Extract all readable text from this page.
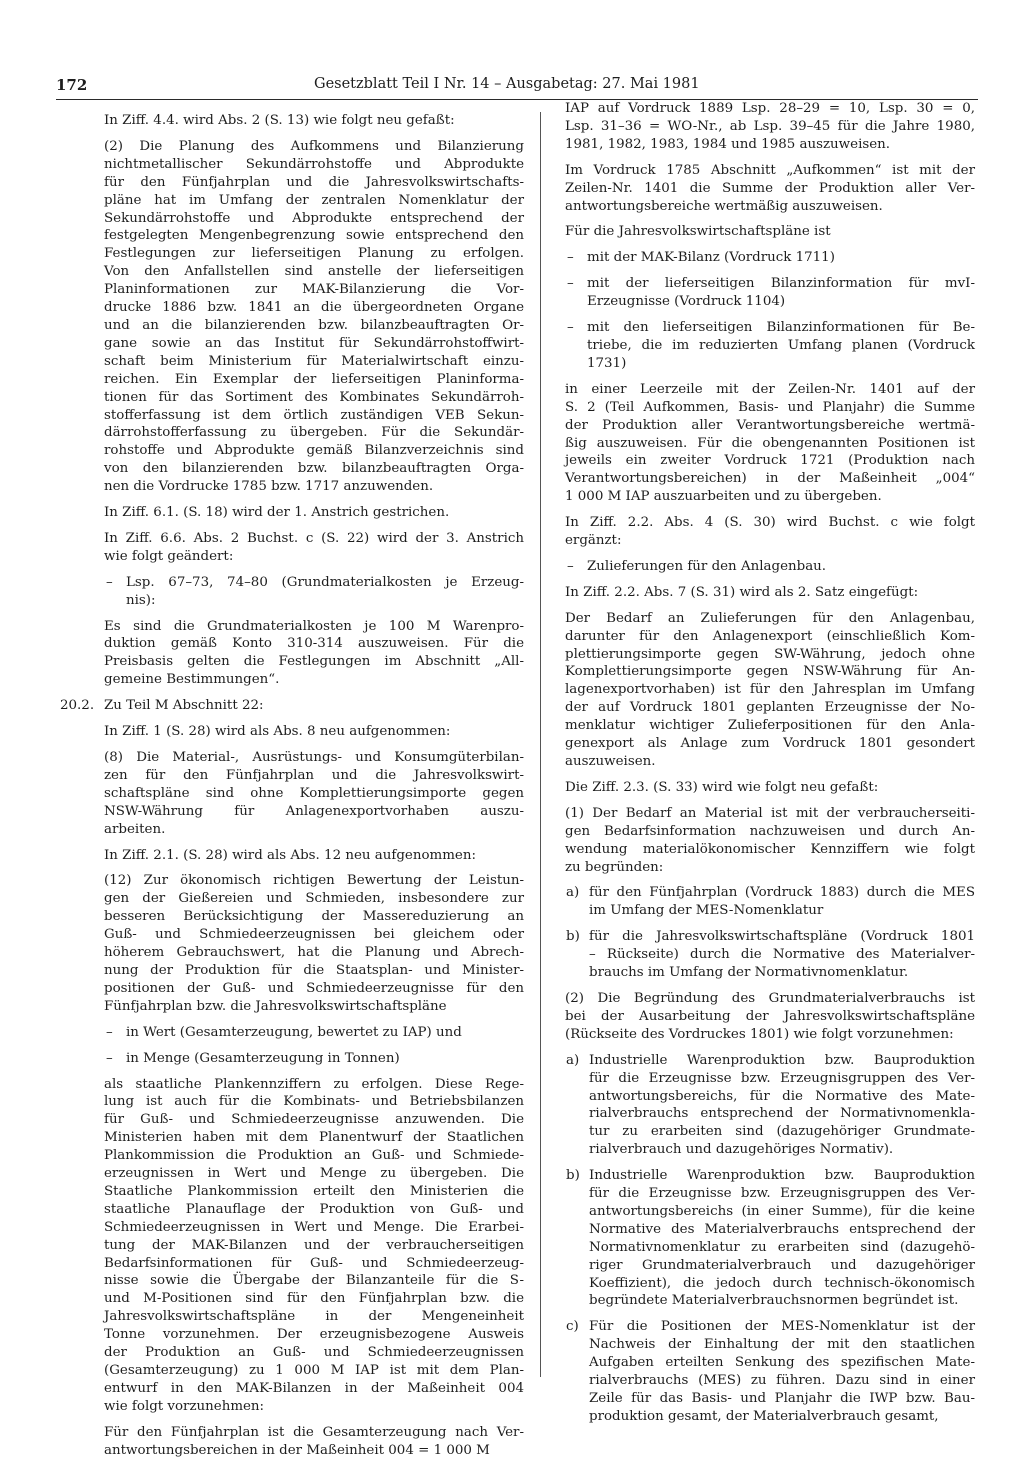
172	Gesetzblatt Teil I Nr. 14 – Ausgabetag: 27. Mai 1981
In Ziff. 4.4. wird Abs. 2 (S. 13) wie folgt neu gefaßt:
(2) Die Planung des Aufkommens und Bilanzierung
nichtmetallischer Sekundärrohstoffe und Abprodukte
für den Fünfjahrplan und die Jahresvolkswirtschafts-
pläne hat im Umfang der zentralen Nomenklatur der
Sekundärrohstoffe und Abprodukte entsprechend der
festgelegten Mengenbegrenzung sowie entsprechend den
Festlegungen zur lieferseitigen Planung zu erfolgen.
Von den Anfallstellen sind anstelle der lieferseitigen
Planinformationen zur MAK-Bilanzierung die Vor-
drucke 1886 bzw. 1841 an die übergeordneten Organe
und an die bilanzierenden bzw. bilanzbeauftragten Or-
gane sowie an das Institut für Sekundärrohstoffwirt-
schaft beim Ministerium für Materialwirtschaft einzu-
reichen. Ein Exemplar der lieferseitigen Planinforma-
tionen für das Sortiment des Kombinates Sekundärroh-
stofferfassung ist dem örtlich zuständigen VEB Sekun-
därrohstofferfassung zu übergeben. Für die Sekundär-
rohstoffe und Abprodukte gemäß Bilanzverzeichnis sind
von den bilanzierenden bzw. bilanzbeauftragten Orga-
nen die Vordrucke 1785 bzw. 1717 anzuwenden.
In Ziff. 6.1. (S. 18) wird der 1. Anstrich gestrichen.
In Ziff. 6.6. Abs. 2 Buchst. c (S. 22) wird der 3. Anstrich
wie folgt geändert:
– Lsp. 67–73, 74–80 (Grundmaterialkosten je Erzeug-
nis):
Es sind die Grundmaterialkosten je 100 M Warenpro-
duktion gemäß Konto 310-314 auszuweisen. Für die
Preisbasis gelten die Festlegungen im Abschnitt „All-
gemeine Bestimmungen“.
20.2. Zu Teil M Abschnitt 22:
In Ziff. 1 (S. 28) wird als Abs. 8 neu aufgenommen:
(8) Die Material-, Ausrüstungs- und Konsumgüterbilan-
zen für den Fünfjahrplan und die Jahresvolkswirt-
schaftspläne sind ohne Komplettierungsimporte gegen
NSW-Währung für Anlagenexportvorhaben auszu-
arbeiten.
In Ziff. 2.1. (S. 28) wird als Abs. 12 neu aufgenommen:
(12) Zur ökonomisch richtigen Bewertung der Leistun-
gen der Gießereien und Schmieden, insbesondere zur
besseren Berücksichtigung der Massereduzierung an
Guß- und Schmiedeerzeugnissen bei gleichem oder
höherem Gebrauchswert, hat die Planung und Abrech-
nung der Produktion für die Staatsplan- und Minister-
positionen der Guß- und Schmiedeerzeugnisse für den
Fünfjahrplan bzw. die Jahresvolkswirtschaftspläne
– in Wert (Gesamterzeugung, bewertet zu IAP) und
– in Menge (Gesamterzeugung in Tonnen)
als staatliche Plankennziffern zu erfolgen. Diese Rege-
lung ist auch für die Kombinats- und Betriebsbilanzen
für Guß- und Schmiedeerzeugnisse anzuwenden. Die
Ministerien haben mit dem Planentwurf der Staatlichen
Plankommission die Produktion an Guß- und Schmiede-
erzeugnissen in Wert und Menge zu übergeben. Die
Staatliche Plankommission erteilt den Ministerien die
staatliche Planauflage der Produktion von Guß- und
Schmiedeerzeugnissen in Wert und Menge. Die Erarbei-
tung der MAK-Bilanzen und der verbraucherseitigen
Bedarfsinformationen für Guß- und Schmiedeerzeug-
nisse sowie die Übergabe der Bilanzanteile für die S-
und M-Positionen sind für den Fünfjahrplan bzw. die
Jahresvolkswirtschaftspläne in der Mengeneinheit
Tonne vorzunehmen. Der erzeugnisbezogene Ausweis
der Produktion an Guß- und Schmiedeerzeugnissen
(Gesamterzeugung) zu 1 000 M IAP ist mit dem Plan-
entwurf in den MAK-Bilanzen in der Maßeinheit 004
wie folgt vorzunehmen:
Für den Fünfjahrplan ist die Gesamterzeugung nach Ver-
antwortungsbereichen in der Maßeinheit 004 = 1 000 M
IAP auf Vordruck 1889 Lsp. 28–29 = 10, Lsp. 30 = 0,
Lsp. 31–36 = WO-Nr., ab Lsp. 39–45 für die Jahre 1980,
1981, 1982, 1983, 1984 und 1985 auszuweisen.
Im Vordruck 1785 Abschnitt „Aufkommen“ ist mit der
Zeilen-Nr. 1401 die Summe der Produktion aller Ver-
antwortungsbereiche wertmäßig auszuweisen.
Für die Jahresvolkswirtschaftspläne ist
– mit der MAK-Bilanz (Vordruck 1711)
– mit der lieferseitigen Bilanzinformation für mvI-
Erzeugnisse (Vordruck 1104)
– mit den lieferseitigen Bilanzinformationen für Be-
triebe, die im reduzierten Umfang planen (Vordruck
1731)
in einer Leerzeile mit der Zeilen-Nr. 1401 auf der
S. 2 (Teil Aufkommen, Basis- und Planjahr) die Summe
der Produktion aller Verantwortungsbereiche wertmä-
ßig auszuweisen. Für die obengenannten Positionen ist
jeweils ein zweiter Vordruck 1721 (Produktion nach
Verantwortungsbereichen) in der Maßeinheit „004“
1 000 M IAP auszuarbeiten und zu übergeben.
In Ziff. 2.2. Abs. 4 (S. 30) wird Buchst. c wie folgt
ergänzt:
– Zulieferungen für den Anlagenbau.
In Ziff. 2.2. Abs. 7 (S. 31) wird als 2. Satz eingefügt:
Der Bedarf an Zulieferungen für den Anlagenbau,
darunter für den Anlagenexport (einschließlich Kom-
plettierungsimporte gegen SW-Währung, jedoch ohne
Komplettierungsimporte gegen NSW-Währung für An-
lagenexportvorhaben) ist für den Jahresplan im Umfang
der auf Vordruck 1801 geplanten Erzeugnisse der No-
menklatur wichtiger Zulieferpositionen für den Anla-
genexport als Anlage zum Vordruck 1801 gesondert
auszuweisen.
Die Ziff. 2.3. (S. 33) wird wie folgt neu gefaßt:
(1) Der Bedarf an Material ist mit der verbraucherseiti-
gen Bedarfsinformation nachzuweisen und durch An-
wendung materialökonomischer Kennziffern wie folgt
zu begründen:
a) für den Fünfjahrplan (Vordruck 1883) durch die MES
im Umfang der MES-Nomenklatur
b) für die Jahresvolkswirtschaftspläne (Vordruck 1801
– Rückseite) durch die Normative des Materialver-
brauchs im Umfang der Normativnomenklatur.
(2) Die Begründung des Grundmaterialverbrauchs ist
bei der Ausarbeitung der Jahresvolkswirtschaftspläne
(Rückseite des Vordruckes 1801) wie folgt vorzunehmen:
a) Industrielle Warenproduktion bzw. Bauproduktion
für die Erzeugnisse bzw. Erzeugnisgruppen des Ver-
antwortungsbereichs, für die Normative des Mate-
rialverbrauchs entsprechend der Normativnomenkla-
tur zu erarbeiten sind (dazugehöriger Grundmate-
rialverbrauch und dazugehöriges Normativ).
b) Industrielle Warenproduktion bzw. Bauproduktion
für die Erzeugnisse bzw. Erzeugnisgruppen des Ver-
antwortungsbereichs (in einer Summe), für die keine
Normative des Materialverbrauchs entsprechend der
Normativnomenklatur zu erarbeiten sind (dazugehö-
riger Grundmaterialverbrauch und dazugehöriger
Koeffizient), die jedoch durch technisch-ökonomisch
begründete Materialverbrauchsnormen begründet ist.
c) Für die Positionen der MES-Nomenklatur ist der
Nachweis der Einhaltung der mit den staatlichen
Aufgaben erteilten Senkung des spezifischen Mate-
rialverbrauchs (MES) zu führen. Dazu sind in einer
Zeile für das Basis- und Planjahr die IWP bzw. Bau-
produktion gesamt, der Materialverbrauch gesamt,
